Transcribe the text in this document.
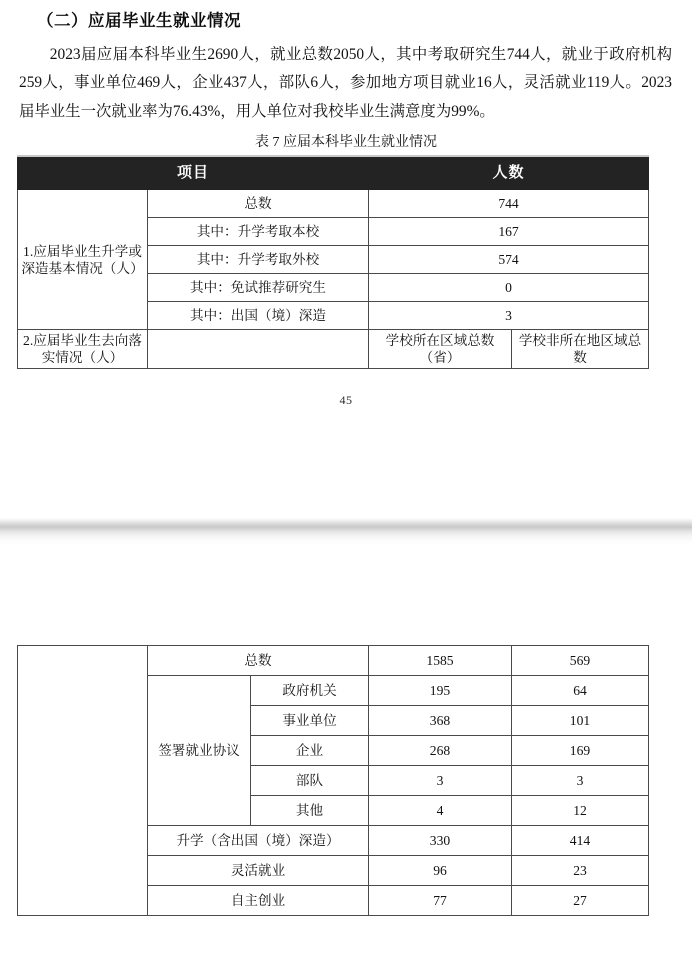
（二）应届毕业生就业情况

2023届应届本科毕业生2690人，就业总数2050人，其中考取研究生744人，就业于政府机构259人，事业单位469人，企业437人，部队6人，参加地方项目就业16人，灵活就业119人。2023届毕业生一次就业率为76.43%，用人单位对我校毕业生满意度为99%。

表 7 应届本科毕业生就业情况
项目		人数	
1.应届毕业生升学或深造基本情况（人）	总数	744	
	其中：升学考取本校	167	
	其中：升学考取外校	574	
	其中：免试推荐研究生	0	
	其中：出国（境）深造	3	
2.应届毕业生去向落实情况（人）		学校所在区域总数（省）	学校非所在地区域总数
45
	总数		1585	569
	签署就业协议	政府机关	195	64
		事业单位	368	101
		企业	268	169
		部队	3	3
		其他	4	12
	升学（含出国（境）深造）		330	414
	灵活就业		96	23
	自主创业		77	27
